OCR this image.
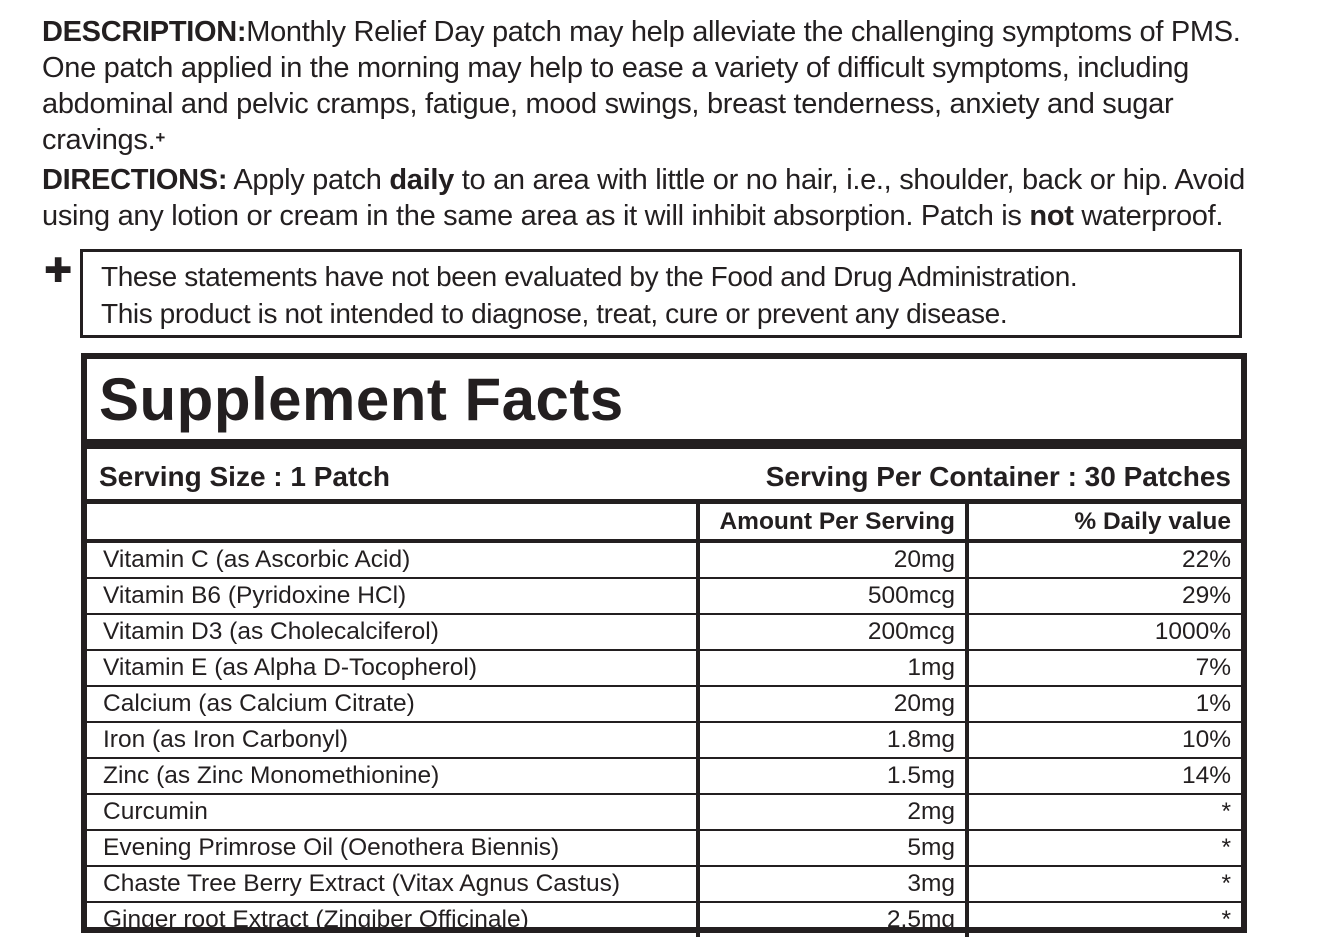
DESCRIPTION:Monthly Relief Day patch may help alleviate the challenging symptoms of PMS. One patch applied in the morning may help to ease a variety of difficult symptoms, including abdominal and pelvic cramps, fatigue, mood swings, breast tenderness, anxiety and sugar cravings.+
DIRECTIONS: Apply patch daily to an area with little or no hair, i.e., shoulder, back or hip. Avoid using any lotion or cream in the same area as it will inhibit absorption. Patch is not waterproof.
✚ These statements have not been evaluated by the Food and Drug Administration.
This product is not intended to diagnose, treat, cure or prevent any disease.
Supplement Facts
Serving Size : 1 Patch	Serving Per Container : 30 Patches
	Amount Per Serving	% Daily value
Vitamin C (as Ascorbic Acid)	20mg	22%
Vitamin B6 (Pyridoxine HCl)	500mcg	29%
Vitamin D3 (as Cholecalciferol)	200mcg	1000%
Vitamin E (as Alpha D-Tocopherol)	1mg	7%
Calcium (as Calcium Citrate)	20mg	1%
Iron (as Iron Carbonyl)	1.8mg	10%
Zinc (as Zinc Monomethionine)	1.5mg	14%
Curcumin	2mg	*
Evening Primrose Oil (Oenothera Biennis)	5mg	*
Chaste Tree Berry Extract (Vitax Agnus Castus)	3mg	*
Ginger root Extract (Zingiber Officinale)	2.5mg	*
